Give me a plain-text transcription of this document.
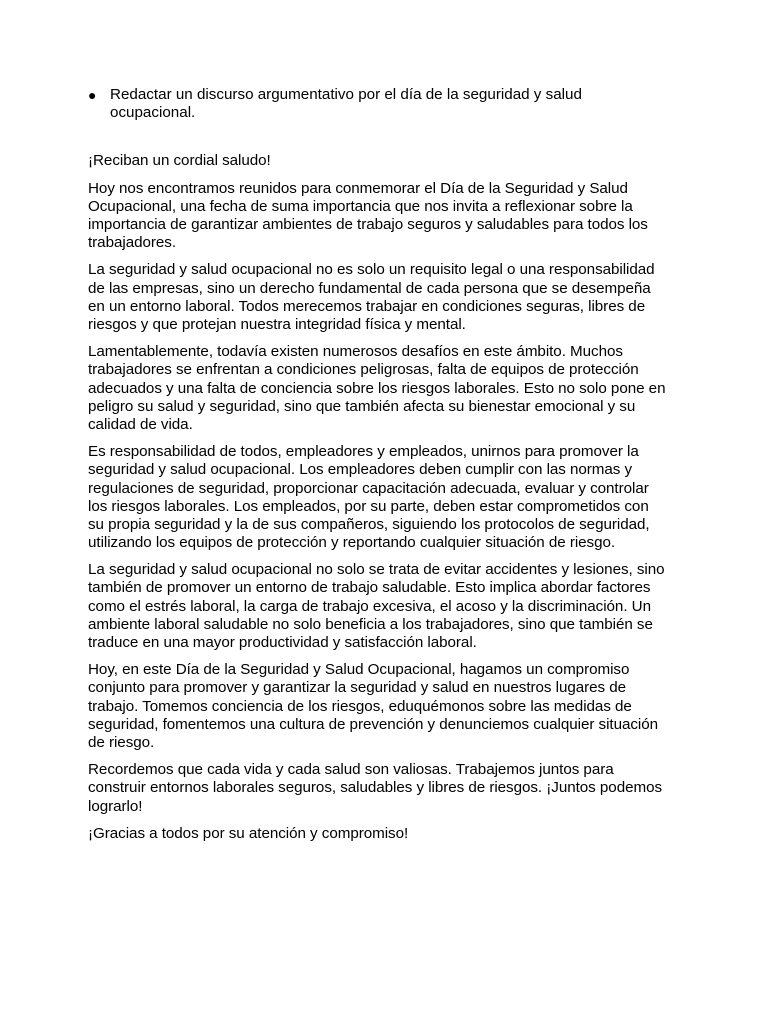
● Redactar un discurso argumentativo por el día de la seguridad y salud ocupacional.

¡Reciban un cordial saludo!

Hoy nos encontramos reunidos para conmemorar el Día de la Seguridad y Salud Ocupacional, una fecha de suma importancia que nos invita a reflexionar sobre la importancia de garantizar ambientes de trabajo seguros y saludables para todos los trabajadores.

La seguridad y salud ocupacional no es solo un requisito legal o una responsabilidad de las empresas, sino un derecho fundamental de cada persona que se desempeña en un entorno laboral. Todos merecemos trabajar en condiciones seguras, libres de riesgos y que protejan nuestra integridad física y mental.

Lamentablemente, todavía existen numerosos desafíos en este ámbito. Muchos trabajadores se enfrentan a condiciones peligrosas, falta de equipos de protección adecuados y una falta de conciencia sobre los riesgos laborales. Esto no solo pone en peligro su salud y seguridad, sino que también afecta su bienestar emocional y su calidad de vida.

Es responsabilidad de todos, empleadores y empleados, unirnos para promover la seguridad y salud ocupacional. Los empleadores deben cumplir con las normas y regulaciones de seguridad, proporcionar capacitación adecuada, evaluar y controlar los riesgos laborales. Los empleados, por su parte, deben estar comprometidos con su propia seguridad y la de sus compañeros, siguiendo los protocolos de seguridad, utilizando los equipos de protección y reportando cualquier situación de riesgo.

La seguridad y salud ocupacional no solo se trata de evitar accidentes y lesiones, sino también de promover un entorno de trabajo saludable. Esto implica abordar factores como el estrés laboral, la carga de trabajo excesiva, el acoso y la discriminación. Un ambiente laboral saludable no solo beneficia a los trabajadores, sino que también se traduce en una mayor productividad y satisfacción laboral.

Hoy, en este Día de la Seguridad y Salud Ocupacional, hagamos un compromiso conjunto para promover y garantizar la seguridad y salud en nuestros lugares de trabajo. Tomemos conciencia de los riesgos, eduquémonos sobre las medidas de seguridad, fomentemos una cultura de prevención y denunciemos cualquier situación de riesgo.

Recordemos que cada vida y cada salud son valiosas. Trabajemos juntos para construir entornos laborales seguros, saludables y libres de riesgos. ¡Juntos podemos lograrlo!

¡Gracias a todos por su atención y compromiso!
